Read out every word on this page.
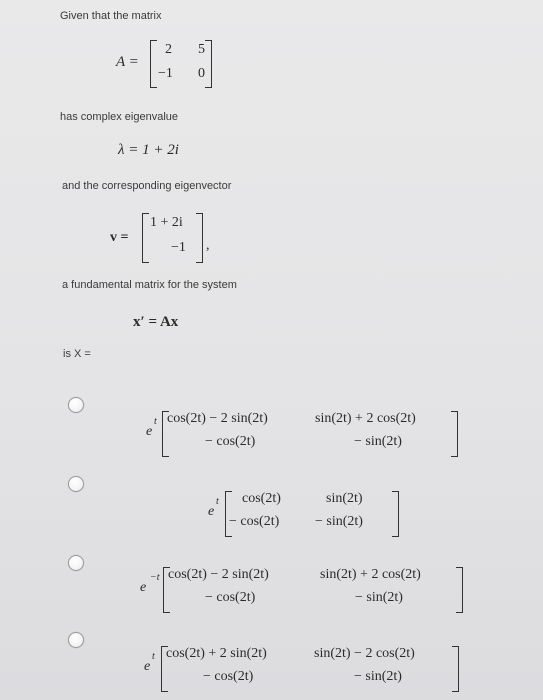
Given that the matrix
A =
2 5
−1 0
has complex eigenvalue
λ = 1 + 2i
and the corresponding eigenvector
v =
1 + 2i
−1 ,
a fundamental matrix for the system
x′ = Ax
is X =
e
t cos(2t) − 2 sin(2t)	sin(2t) + 2 cos(2t)
− cos(2t)	− sin(2t)
e
t cos(2t)	sin(2t)
− cos(2t)	− sin(2t)
e
−t cos(2t) − 2 sin(2t)	sin(2t) + 2 cos(2t)
− cos(2t)	− sin(2t)
e
t cos(2t) + 2 sin(2t)	sin(2t) − 2 cos(2t)
− cos(2t)	− sin(2t)
